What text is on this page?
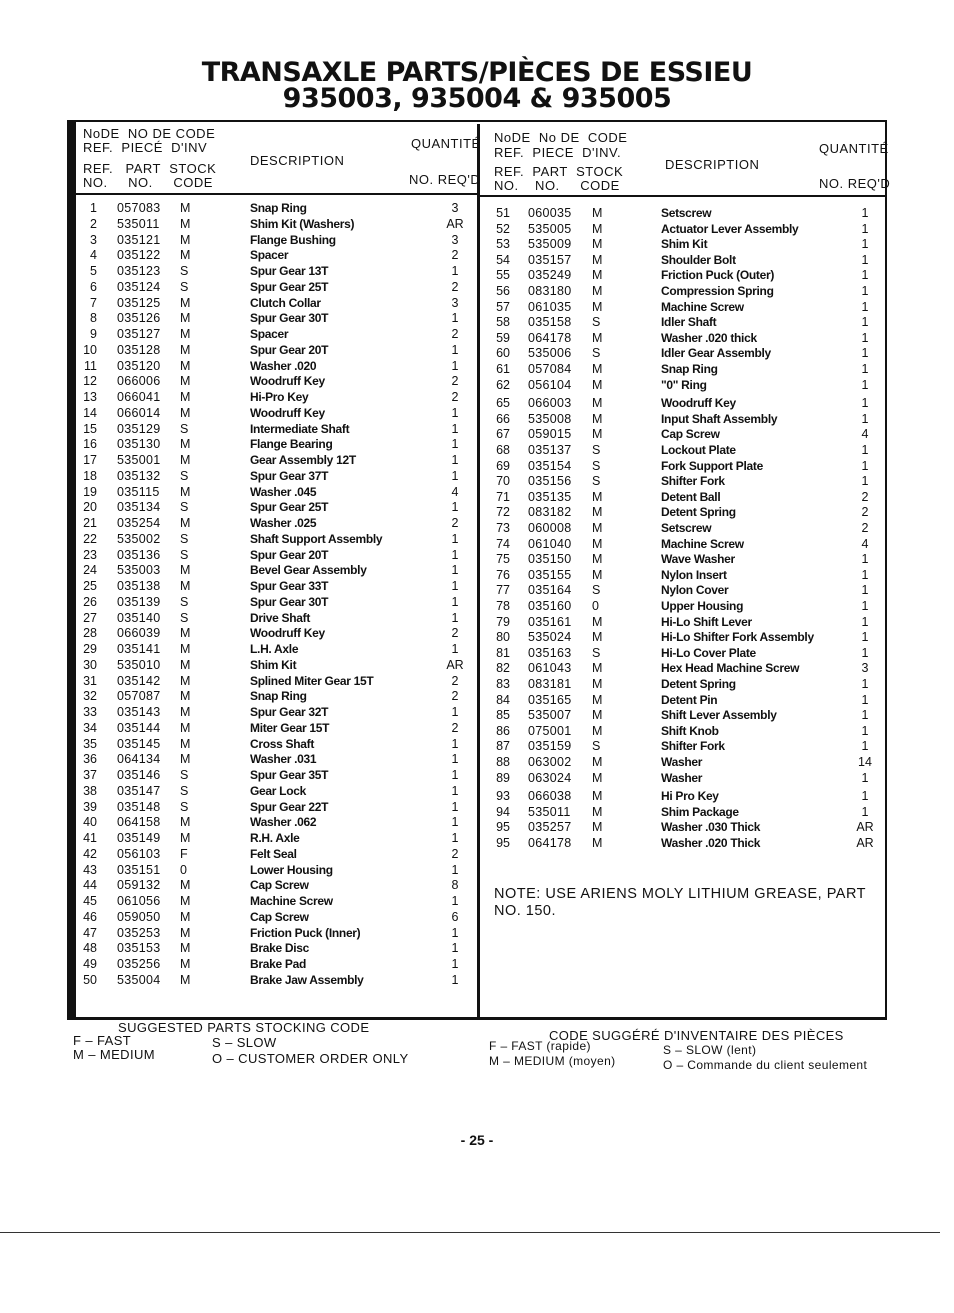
TRANSAXLE PARTS/PIÈCES DE ESSIEU
935003, 935004 & 935005
NoDE  NO DE CODE
REF.  PIECÉ  D'INV
REF.   PART  STOCK
NO.     NO.     CODE
DESCRIPTION
QUANTITÉ
NO. REQ'D
NoDE  No DE  CODE
REF.  PIECE  D'INV.
REF.  PART  STOCK
NO.    NO.     CODE
DESCRIPTION
QUANTITÉ
NO. REQ'D
1 057083 M	Snap Ring	3
2 535011 M	Shim Kit (Washers)	AR
3 035121 M	Flange Bushing	3
4 035122 M	Spacer	2
5 035123 S	Spur Gear 13T	1
6 035124 S	Spur Gear 25T	2
7 035125 M	Clutch Collar	3
8 035126 M	Spur Gear 30T	1
9 035127 M	Spacer	2
10 035128 M	Spur Gear 20T	1
11 035120 M	Washer .020	1
12 066006 M	Woodruff Key	2
13 066041 M	Hi-Pro Key	2
14 066014 M	Woodruff Key	1
15 035129 S	Intermediate Shaft	1
16 035130 M	Flange Bearing	1
17 535001 M	Gear Assembly 12T	1
18 035132 S	Spur Gear 37T	1
19 035115 M	Washer .045	4
20 035134 S	Spur Gear 25T	1
21 035254 M	Washer .025	2
22 535002 S	Shaft Support Assembly	1
23 035136 S	Spur Gear 20T	1
24 535003 M	Bevel Gear Assembly	1
25 035138 M	Spur Gear 33T	1
26 035139 S	Spur Gear 30T	1
27 035140 S	Drive Shaft	1
28 066039 M	Woodruff Key	2
29 035141 M	L.H. Axle	1
30 535010 M	Shim Kit	AR
31 035142 M	Splined Miter Gear 15T	2
32 057087 M	Snap Ring	2
33 035143 M	Spur Gear 32T	1
34 035144 M	Miter Gear 15T	2
35 035145 M	Cross Shaft	1
36 064134 M	Washer .031	1
37 035146 S	Spur Gear 35T	1
38 035147 S	Gear Lock	1
39 035148 S	Spur Gear 22T	1
40 064158 M	Washer .062	1
41 035149 M	R.H. Axle	1
42 056103 F	Felt Seal	2
43 035151 0	Lower Housing	1
44 059132 M	Cap Screw	8
45 061056 M	Machine Screw	1
46 059050 M	Cap Screw	6
47 035253 M	Friction Puck (Inner)	1
48 035153 M	Brake Disc	1
49 035256 M	Brake Pad	1
50 535004 M	Brake Jaw Assembly	1
51 060035 M	Setscrew	1
52 535005 M	Actuator Lever Assembly	1
53 535009 M	Shim Kit	1
54 035157 M	Shoulder Bolt	1
55 035249 M	Friction Puck (Outer)	1
56 083180 M	Compression Spring	1
57 061035 M	Machine Screw	1
58 035158 S	Idler Shaft	1
59 064178 M	Washer .020 thick	1
60 535006 S	Idler Gear Assembly	1
61 057084 M	Snap Ring	1
62 056104 M	"0" Ring	1
65 066003 M	Woodruff Key	1
66 535008 M	Input Shaft Assembly	1
67 059015 M	Cap Screw	4
68 035137 S	Lockout Plate	1
69 035154 S	Fork Support Plate	1
70 035156 S	Shifter Fork	1
71 035135 M	Detent Ball	2
72 083182 M	Detent Spring	2
73 060008 M	Setscrew	2
74 061040 M	Machine Screw	4
75 035150 M	Wave Washer	1
76 035155 M	Nylon Insert	1
77 035164 S	Nylon Cover	1
78 035160 0	Upper Housing	1
79 035161 M	Hi-Lo Shift Lever	1
80 535024 M	Hi-Lo Shifter Fork Assembly	1
81 035163 S	Hi-Lo Cover Plate	1
82 061043 M	Hex Head Machine Screw	3
83 083181 M	Detent Spring	1
84 035165 M	Detent Pin	1
85 535007 M	Shift Lever Assembly	1
86 075001 M	Shift Knob	1
87 035159 S	Shifter Fork	1
88 063002 M	Washer	14
89 063024 M	Washer	1
93 066038 M	Hi Pro Key	1
94 535011 M	Shim Package	1
95 035257 M	Washer .030 Thick	AR
95 064178 M	Washer .020 Thick	AR
NOTE: USE ARIENS MOLY LITHIUM GREASE, PART NO. 150.
SUGGESTED PARTS STOCKING CODE
F – FAST
M – MEDIUM
S – SLOW
O – CUSTOMER ORDER ONLY
CODE SUGGÉRÉ D'INVENTAIRE DES PIÈCES
F – FAST (rapide)
M – MEDIUM (moyen)
S – SLOW (lent)
O – Commande du client seulement
- 25 -
